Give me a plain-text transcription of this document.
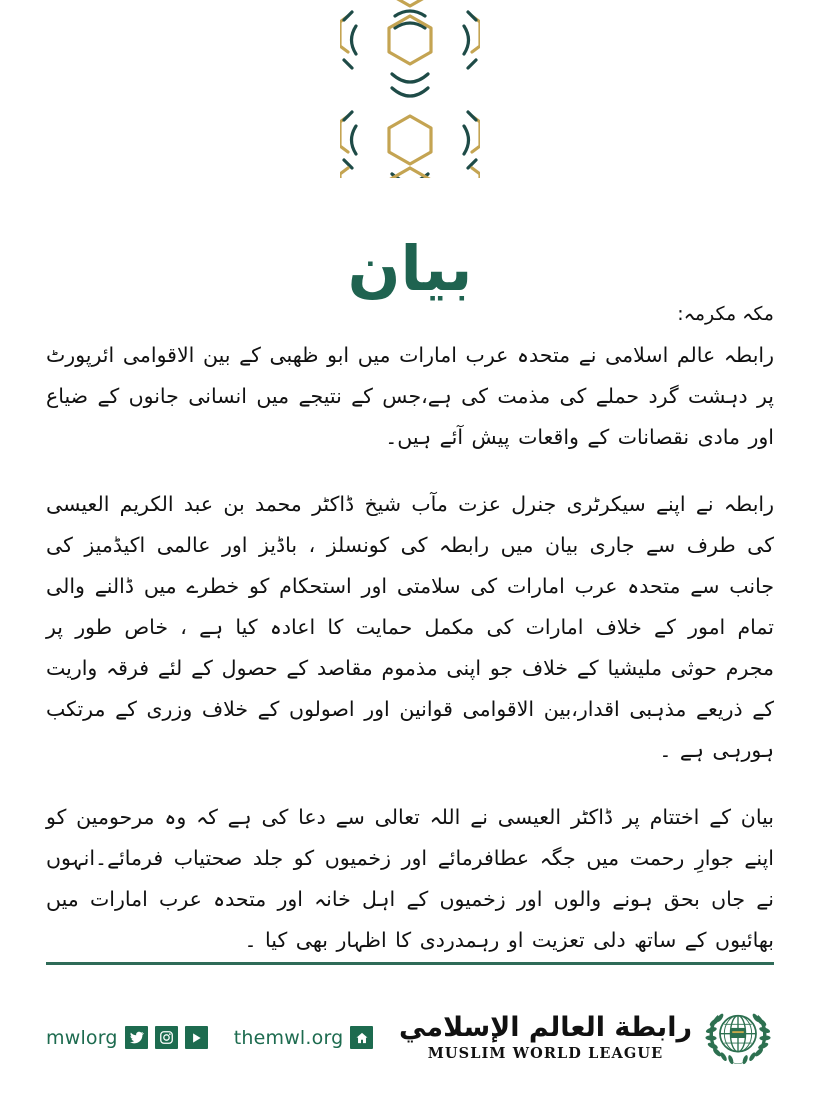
بیان

مکہ مکرمہ:

رابطہ عالم اسلامی نے متحدہ عرب امارات میں ابو ظهبی کے بین الاقوامی ائرپورٹ پر دہشت گرد حملے کی مذمت کی ہے،جس کے نتیجے میں انسانی جانوں کے ضیاع اور مادی نقصانات کے واقعات پیش آئے ہیں۔

رابطہ نے اپنے سیکرٹری جنرل عزت مآب شیخ ڈاکٹر محمد بن عبد الکریم العیسی کی طرف سے جاری بیان میں رابطہ کی کونسلز ، باڈیز اور عالمی اکیڈمیز کی جانب سے متحدہ عرب امارات کی سلامتی اور استحکام کو خطرے میں ڈالنے والی تمام امور کے خلاف امارات کی مکمل حمایت کا اعادہ کیا ہے ، خاص طور پر مجرم حوثی ملیشیا کے خلاف جو اپنی مذموم مقاصد کے حصول کے لئے فرقہ واریت کے ذریعے مذہبی اقدار،بین الاقوامی قوانین اور اصولوں کے خلاف وزری کے مرتکب ہورہی ہے ۔

بیان کے اختتام پر ڈاکٹر العیسی نے اللہ تعالی سے دعا کی ہے کہ وہ مرحومین کو اپنے جوارِ رحمت میں جگہ عطافرمائے اور زخمیوں کو جلد صحتیاب فرمائے۔انہوں نے جاں بحق ہونے والوں اور زخمیوں کے اہل خانہ اور متحدہ عرب امارات میں بھائیوں کے ساتھ دلی تعزیت او رہمدردی کا اظہار بھی کیا ۔

mwlorg	themwl.org رابطة العالم الإسلامي
MUSLIM WORLD LEAGUE
